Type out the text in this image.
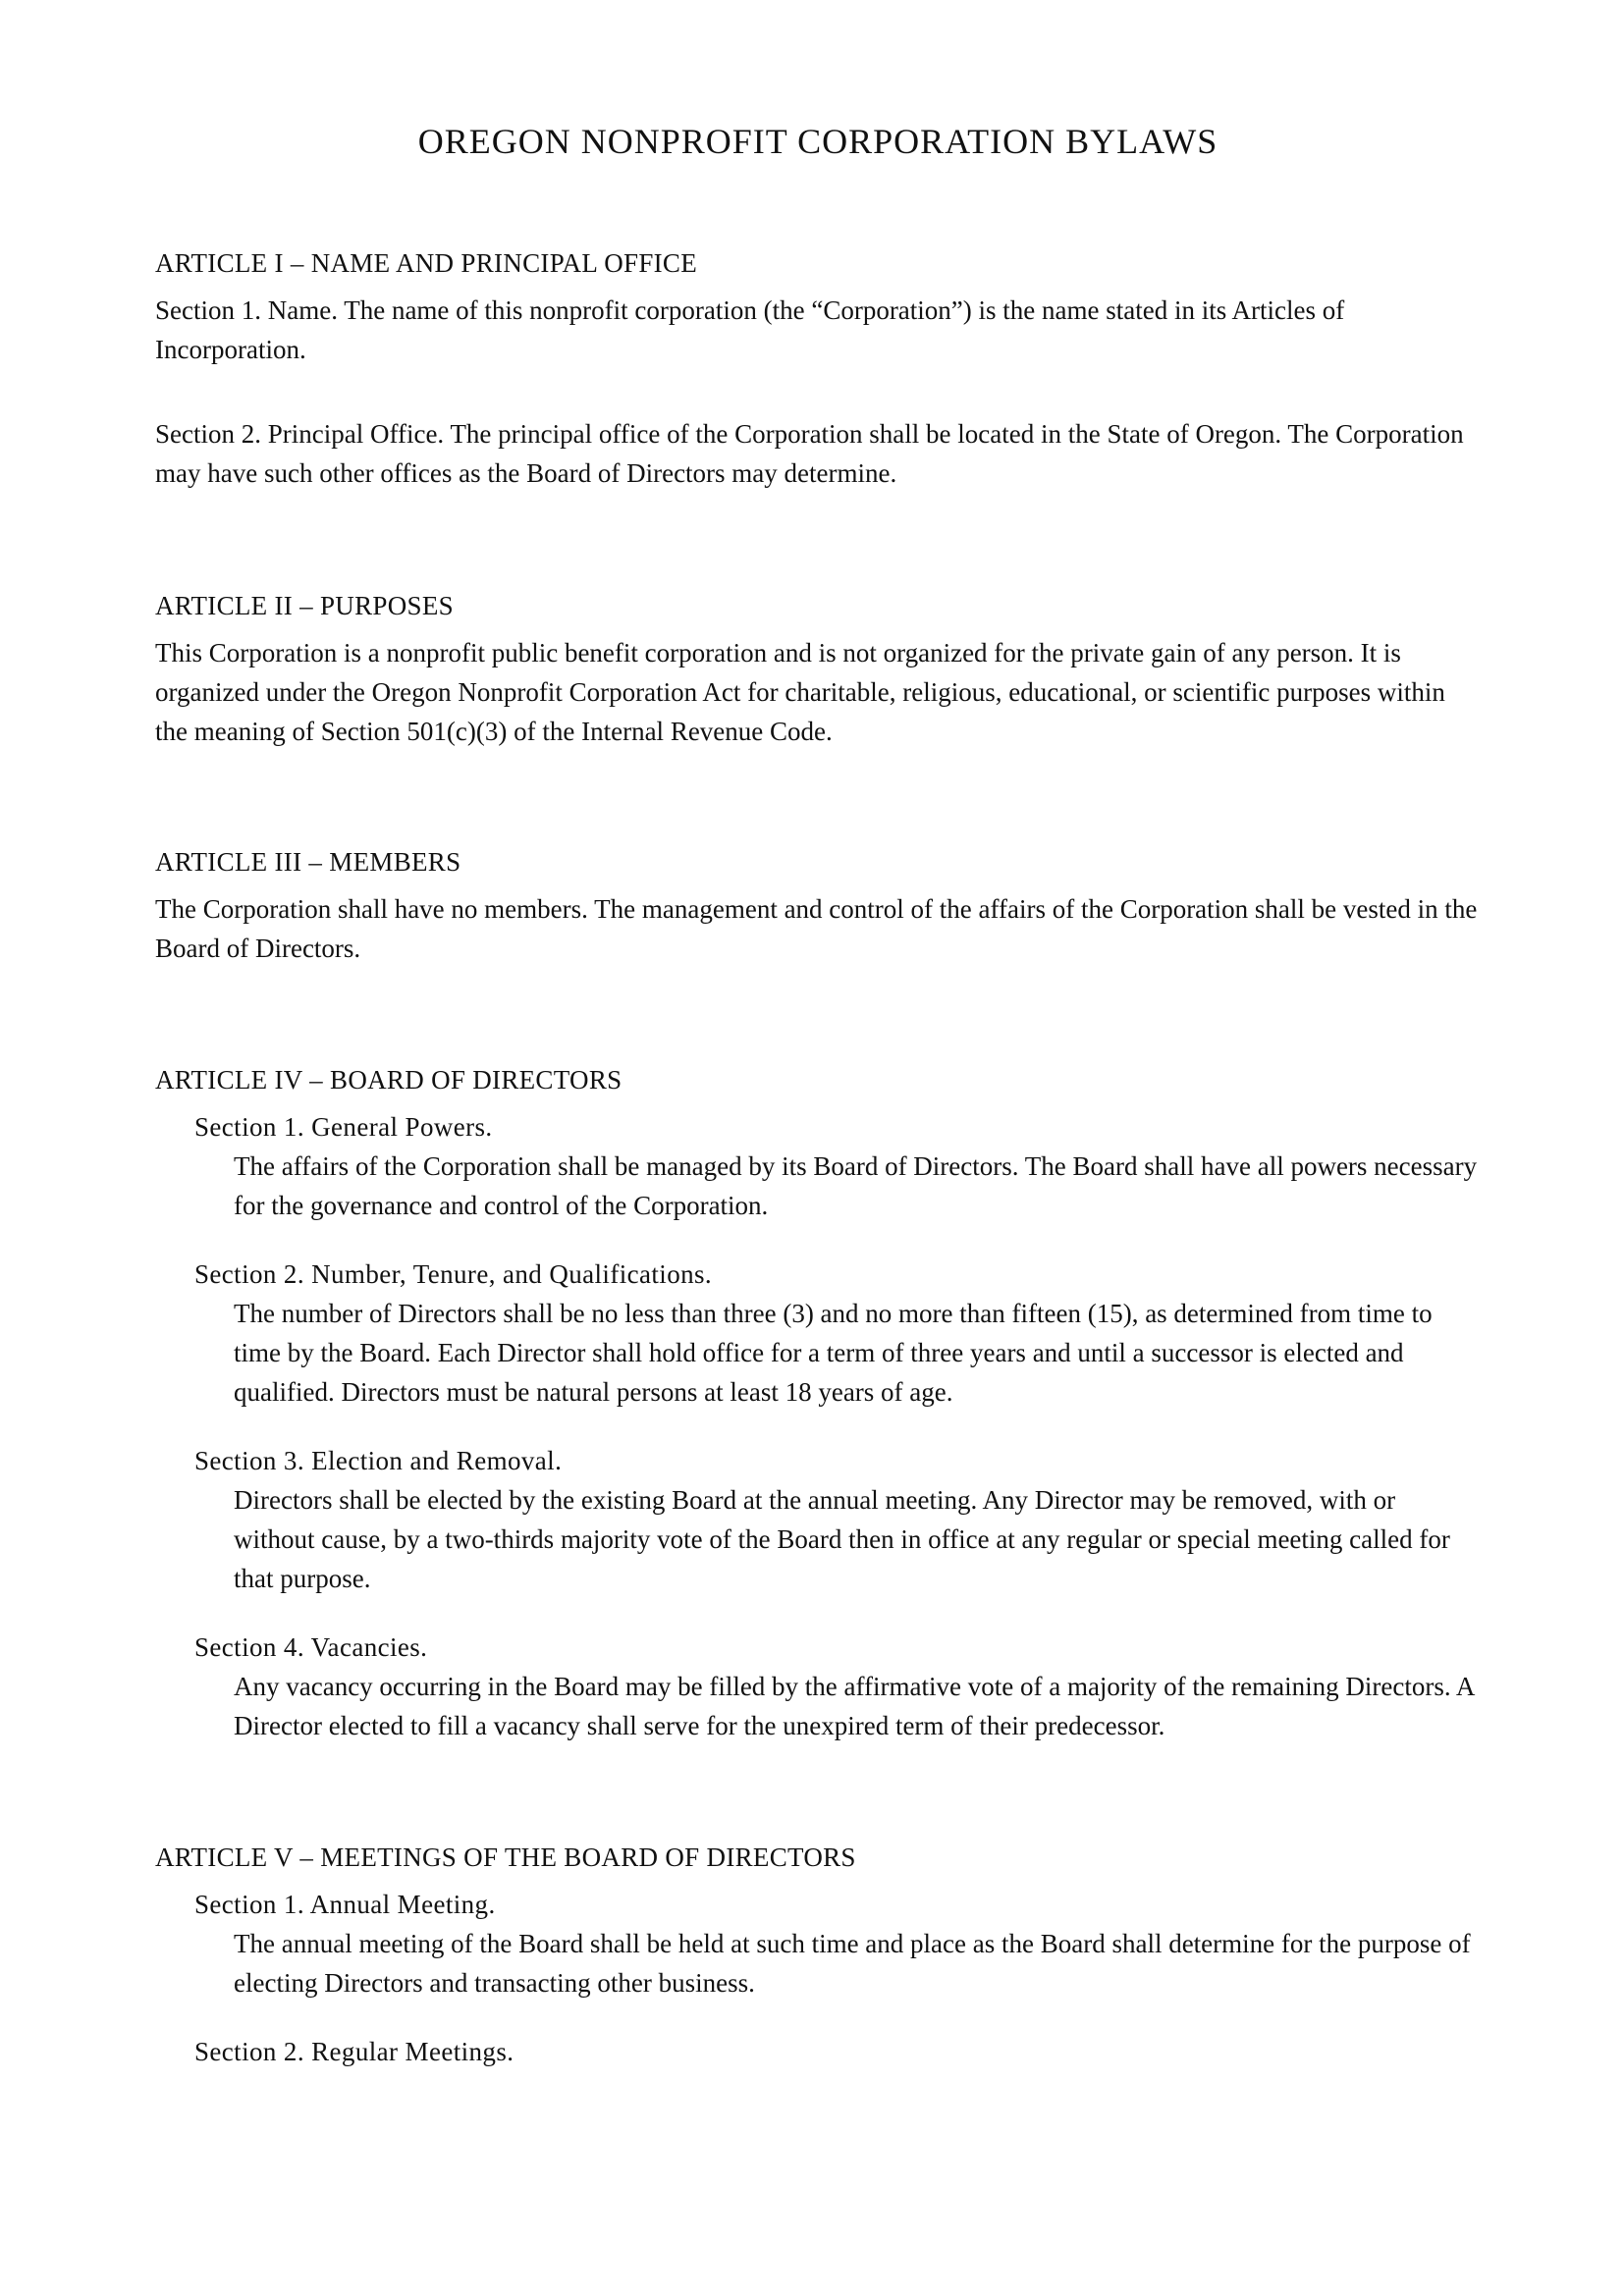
OREGON NONPROFIT CORPORATION BYLAWS
ARTICLE I – NAME AND PRINCIPAL OFFICE

Section 1. Name. The name of this nonprofit corporation (the “Corporation”) is the name stated in its Articles of Incorporation.

Section 2. Principal Office. The principal office of the Corporation shall be located in the State of Oregon. The Corporation may have such other offices as the Board of Directors may determine.

ARTICLE II – PURPOSES

This Corporation is a nonprofit public benefit corporation and is not organized for the private gain of any person. It is organized under the Oregon Nonprofit Corporation Act for charitable, religious, educational, or scientific purposes within the meaning of Section 501(c)(3) of the Internal Revenue Code.

ARTICLE III – MEMBERS

The Corporation shall have no members. The management and control of the affairs of the Corporation shall be vested in the Board of Directors.

ARTICLE IV – BOARD OF DIRECTORS
Section 1. General Powers.

The affairs of the Corporation shall be managed by its Board of Directors. The Board shall have all powers necessary for the governance and control of the Corporation.

Section 2. Number, Tenure, and Qualifications.

The number of Directors shall be no less than three (3) and no more than fifteen (15), as determined from time to time by the Board. Each Director shall hold office for a term of three years and until a successor is elected and qualified. Directors must be natural persons at least 18 years of age.

Section 3. Election and Removal.

Directors shall be elected by the existing Board at the annual meeting. Any Director may be removed, with or without cause, by a two-thirds majority vote of the Board then in office at any regular or special meeting called for that purpose.

Section 4. Vacancies.

Any vacancy occurring in the Board may be filled by the affirmative vote of a majority of the remaining Directors. A Director elected to fill a vacancy shall serve for the unexpired term of their predecessor.

ARTICLE V – MEETINGS OF THE BOARD OF DIRECTORS
Section 1. Annual Meeting.

The annual meeting of the Board shall be held at such time and place as the Board shall determine for the purpose of electing Directors and transacting other business.

Section 2. Regular Meetings.
